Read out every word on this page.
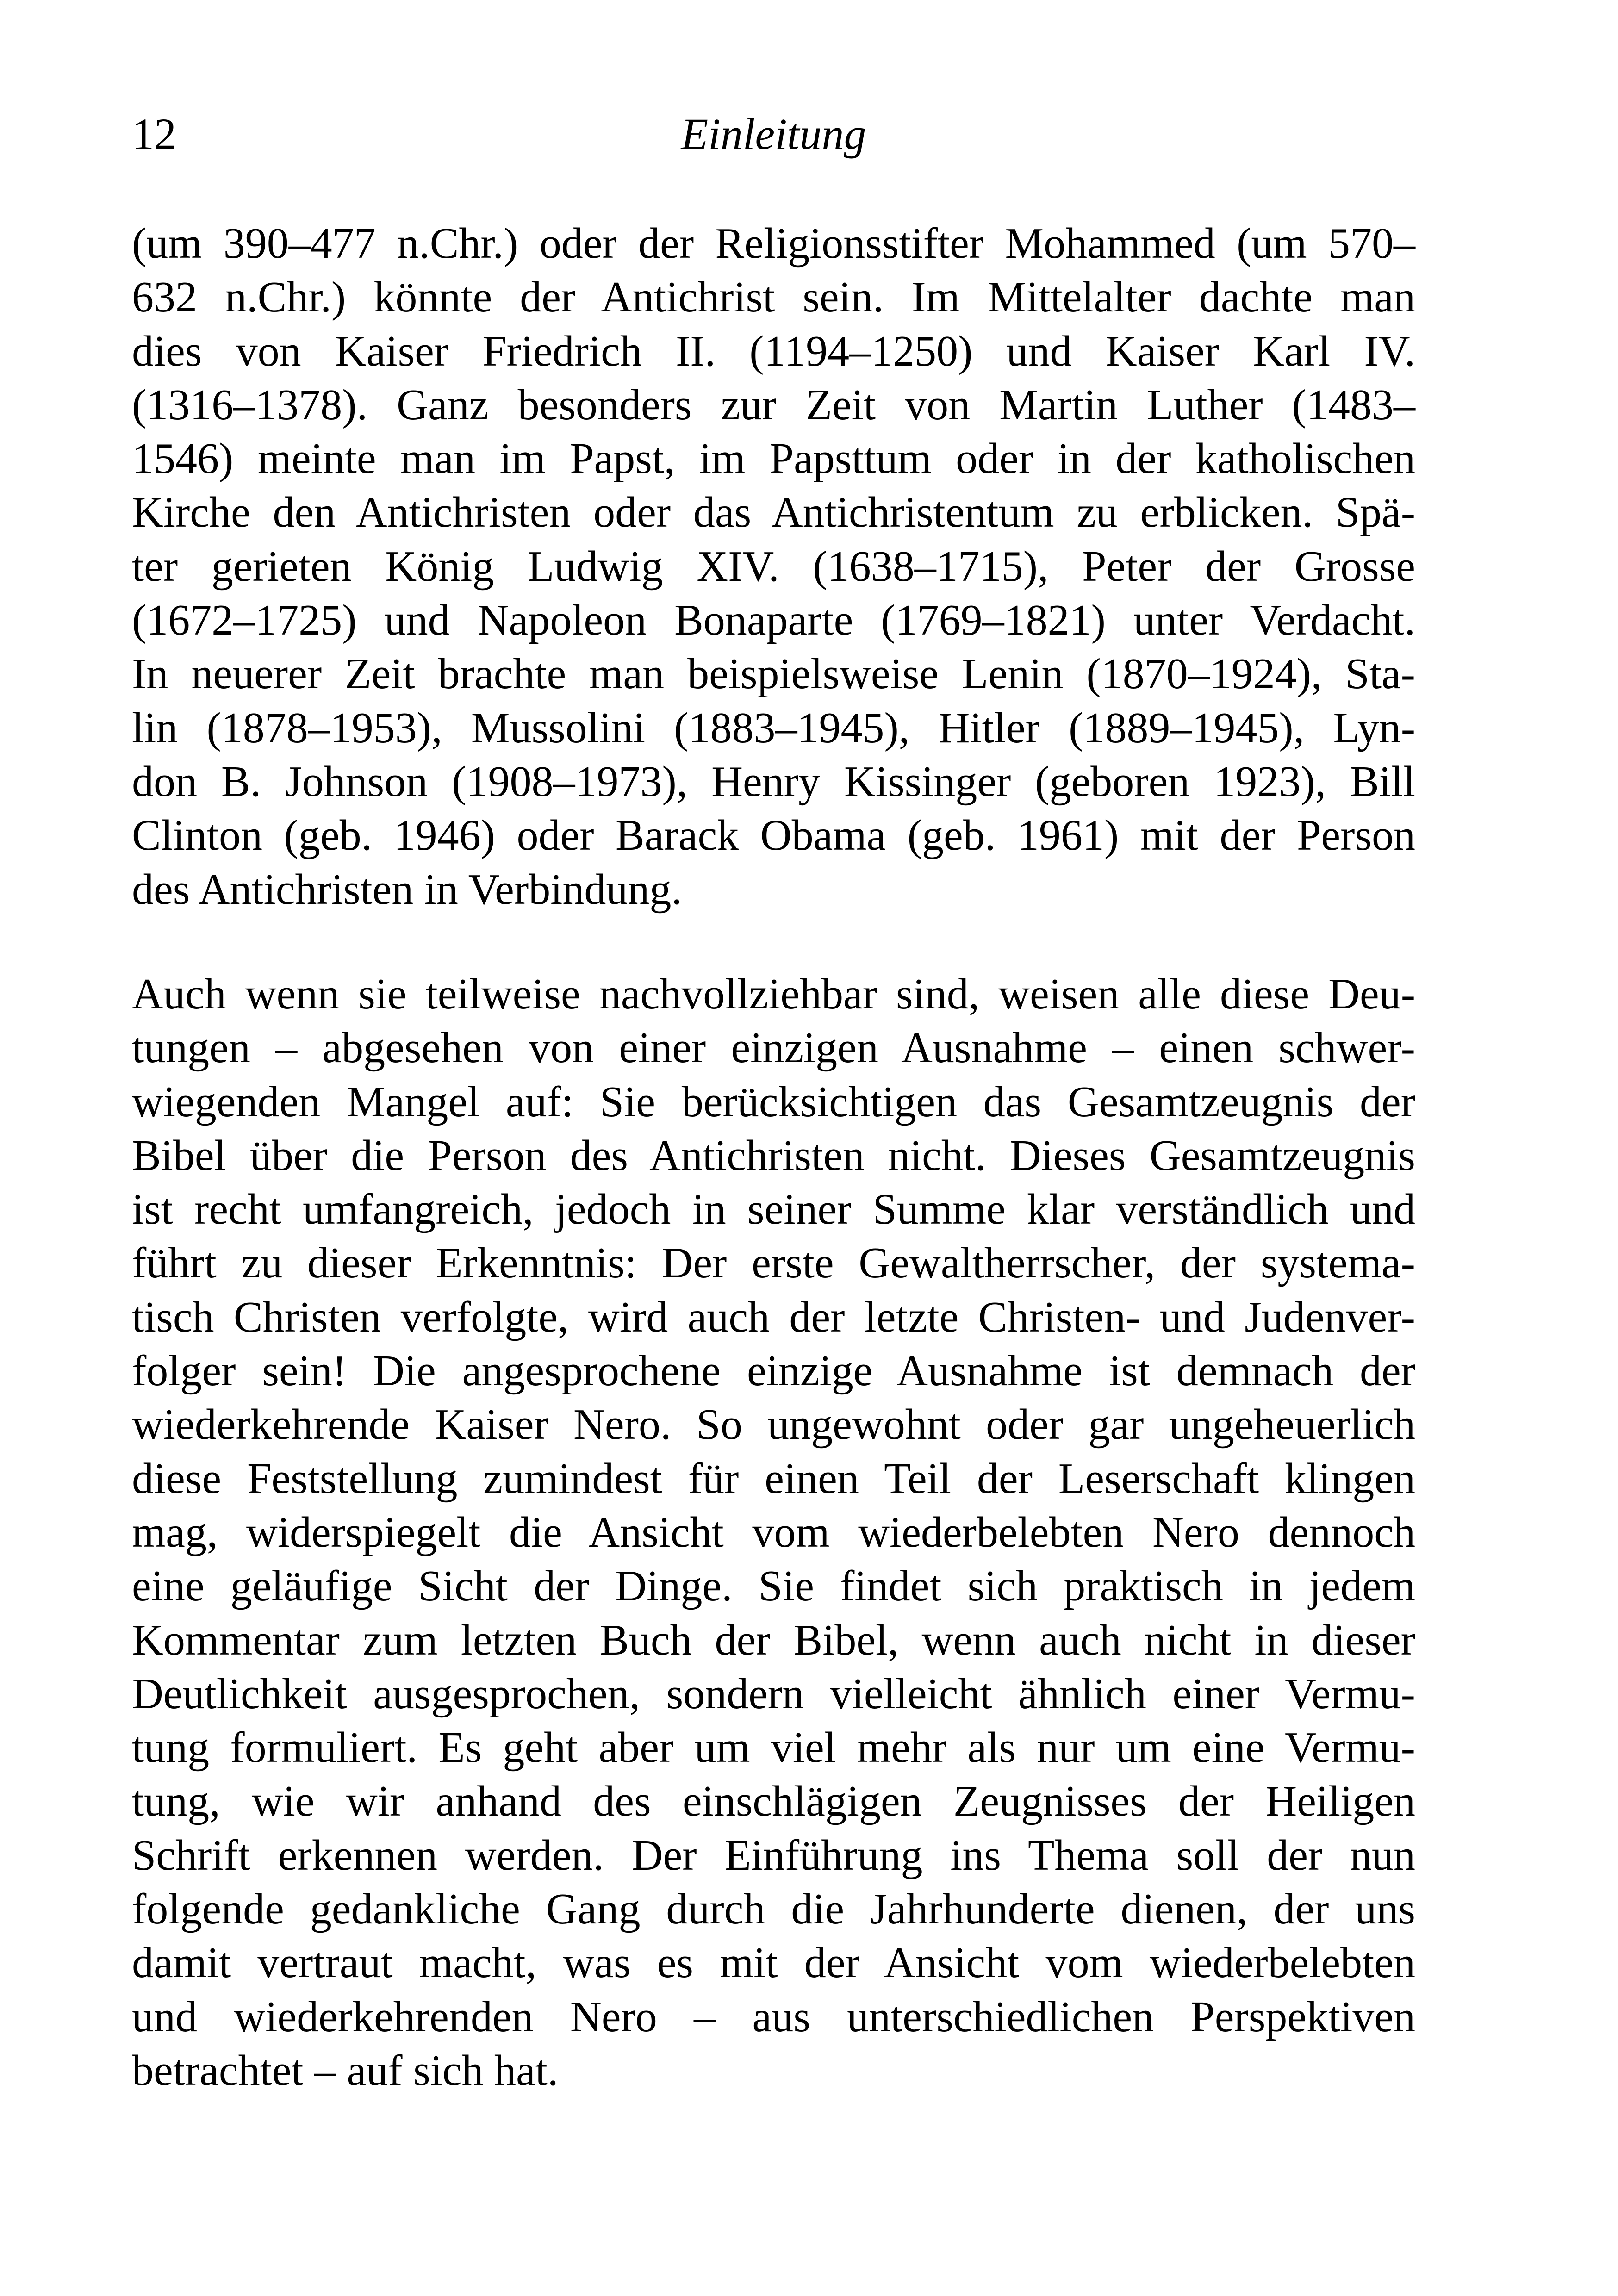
12	Einleitung
(um 390–477 n.Chr.) oder der Religionsstifter Mohammed (um 570–
632 n.Chr.) könnte der Antichrist sein. Im Mittelalter dachte man
dies von Kaiser Friedrich II. (1194–1250) und Kaiser Karl IV.
(1316–1378). Ganz besonders zur Zeit von Martin Luther (1483–
1546) meinte man im Papst, im Papsttum oder in der katholischen
Kirche den Antichristen oder das Antichristentum zu erblicken. Spä-
ter gerieten König Ludwig XIV. (1638–1715), Peter der Grosse
(1672–1725) und Napoleon Bonaparte (1769–1821) unter Verdacht.
In neuerer Zeit brachte man beispielsweise Lenin (1870–1924), Sta-
lin (1878–1953), Mussolini (1883–1945), Hitler (1889–1945), Lyn-
don B. Johnson (1908–1973), Henry Kissinger (geboren 1923), Bill
Clinton (geb. 1946) oder Barack Obama (geb. 1961) mit der Person
des Antichristen in Verbindung.
Auch wenn sie teilweise nachvollziehbar sind, weisen alle diese Deu-
tungen – abgesehen von einer einzigen Ausnahme – einen schwer-
wiegenden Mangel auf: Sie berücksichtigen das Gesamtzeugnis der
Bibel über die Person des Antichristen nicht. Dieses Gesamtzeugnis
ist recht umfangreich, jedoch in seiner Summe klar verständlich und
führt zu dieser Erkenntnis: Der erste Gewaltherrscher, der systema-
tisch Christen verfolgte, wird auch der letzte Christen- und Judenver-
folger sein! Die angesprochene einzige Ausnahme ist demnach der
wiederkehrende Kaiser Nero. So ungewohnt oder gar ungeheuerlich
diese Feststellung zumindest für einen Teil der Leserschaft klingen
mag, widerspiegelt die Ansicht vom wiederbelebten Nero dennoch
eine geläufige Sicht der Dinge. Sie findet sich praktisch in jedem
Kommentar zum letzten Buch der Bibel, wenn auch nicht in dieser
Deutlichkeit ausgesprochen, sondern vielleicht ähnlich einer Vermu-
tung formuliert. Es geht aber um viel mehr als nur um eine Vermu-
tung, wie wir anhand des einschlägigen Zeugnisses der Heiligen
Schrift erkennen werden. Der Einführung ins Thema soll der nun
folgende gedankliche Gang durch die Jahrhunderte dienen, der uns
damit vertraut macht, was es mit der Ansicht vom wiederbelebten
und wiederkehrenden Nero – aus unterschiedlichen Perspektiven
betrachtet – auf sich hat.
